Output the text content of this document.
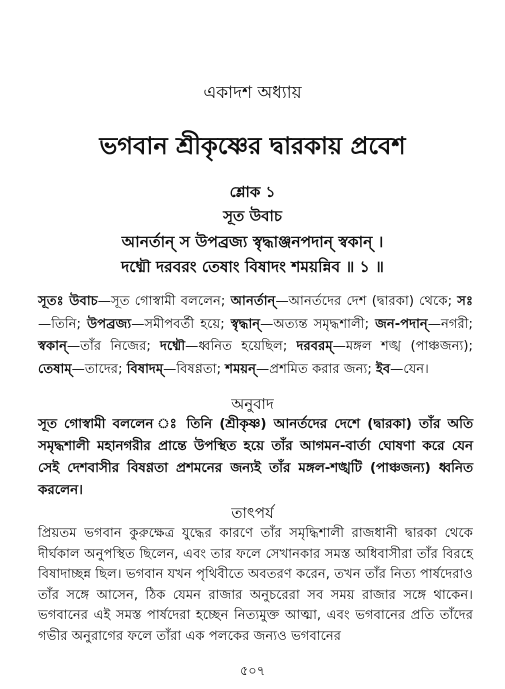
একাদশ অধ্যায়
ভগবান শ্রীকৃষ্ণের দ্বারকায় প্রবেশ
শ্লোক ১
সূত উবাচ
আনর্তান্ স উপব্রজ্য স্বৃদ্ধাঞ্জনপদান্ স্বকান্ ।
দধ্মৌ দরবরং তেষাং বিষাদং শময়ন্নিব ॥ ১ ॥
সূতঃ উবাচ—সূত গোস্বামী বললেন; আনর্তান্—আনর্তদের দেশ (দ্বারকা) থেকে; সঃ—তিনি; উপব্রজ্য—সমীপবর্তী হয়ে; স্বৃদ্ধান্—অত্যন্ত সমৃদ্ধশালী; জন-পদান্—নগরী; স্বকান্—তাঁর নিজের; দধ্মৌ—ধ্বনিত হয়েছিল; দরবরম্—মঙ্গল শঙ্খ (পাঞ্চজন্য); তেষাম্—তাদের; বিষাদম্—বিষণ্ণতা; শময়ন্—প্রশমিত করার জন্য; ইব—যেন।
অনুবাদ
সূত গোস্বামী বললেন ঃ তিনি (শ্রীকৃষ্ণ) আনর্তদের দেশে (দ্বারকা) তাঁর অতি সমৃদ্ধশালী মহানগরীর প্রান্তে উপস্থিত হয়ে তাঁর আগমন-বার্তা ঘোষণা করে যেন সেই দেশবাসীর বিষণ্ণতা প্রশমনের জন্যই তাঁর মঙ্গল-শঙ্খটি (পাঞ্চজন্য) ধ্বনিত করলেন।
তাৎপর্য
প্রিয়তম ভগবান কুরুক্ষেত্র যুদ্ধের কারণে তাঁর সমৃদ্ধিশালী রাজধানী দ্বারকা থেকে দীর্ঘকাল অনুপস্থিত ছিলেন, এবং তার ফলে সেখানকার সমস্ত অধিবাসীরা তাঁর বিরহে বিষাদাচ্ছন্ন ছিল। ভগবান যখন পৃথিবীতে অবতরণ করেন, তখন তাঁর নিত্য পার্ষদেরাও তাঁর সঙ্গে আসেন, ঠিক যেমন রাজার অনুচরেরা সব সময় রাজার সঙ্গে থাকেন। ভগবানের এই সমস্ত পার্ষদেরা হচ্ছেন নিত্যমুক্ত আত্মা, এবং ভগবানের প্রতি তাঁদের গভীর অনুরাগের ফলে তাঁরা এক পলকের জন্যও ভগবানের
৫০৭
